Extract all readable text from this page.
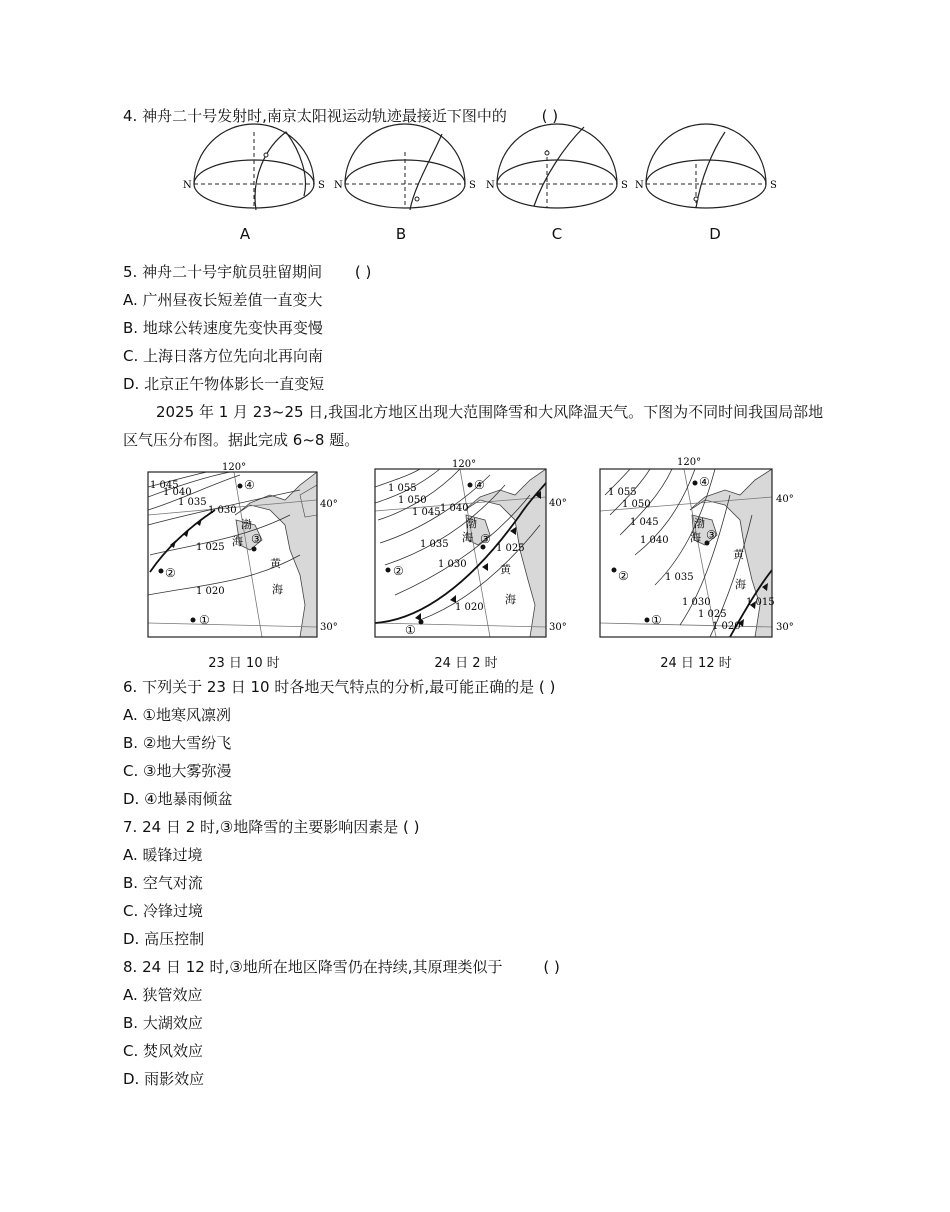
4. 神舟二十号发射时,南京太阳视运动轨迹最接近下图中的 ( )
N	S N	S N	S N	S
A	B	C	D
5. 神舟二十号宇航员驻留期间 ( )
A. 广州昼夜长短差值一直变大
B. 地球公转速度先变快再变慢
C. 上海日落方位先向北再向南
D. 北京正午物体影长一直变短
2025 年 1 月 23~25 日,我国北方地区出现大范围降雪和大风降温天气。下图为不同时间我国局部地区气压分布图。据此完成 6~8 题。
120°
40°
30°
1 045
1 040
1 035
1 030
1 025
1 020
渤
海
黄
海
①
②
③
④
120°
40°
30°
1 055
1 050
1 045 1 040
1 035
1 030
1 025
1 020
渤
海
黄
海
①
②
③
④
120°
40°
30°
1 055
1 050
1 045
1 040
1 035
1 030
1 025
1 020
1 015
渤
海
黄
海
①
②
③
④
23 日 10 时	24 日 2 时	24 日 12 时
6. 下列关于 23 日 10 时各地天气特点的分析,最可能正确的是 ( )
A. ①地寒风凛冽
B. ②地大雪纷飞
C. ③地大雾弥漫
D. ④地暴雨倾盆
7. 24 日 2 时,③地降雪的主要影响因素是 ( )
A. 暖锋过境
B. 空气对流
C. 冷锋过境
D. 高压控制
8. 24 日 12 时,③地所在地区降雪仍在持续,其原理类似于	( )
A. 狭管效应
B. 大湖效应
C. 焚风效应
D. 雨影效应
